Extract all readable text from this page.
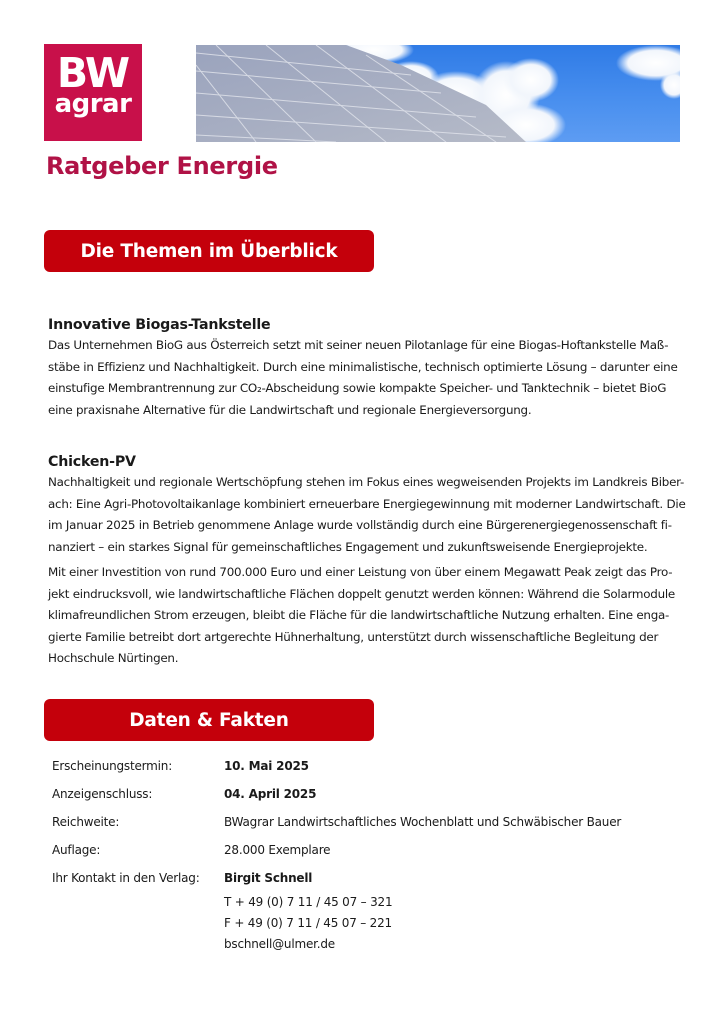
BW
agrar
Ratgeber Energie
Die Themen im Überblick
Innovative Biogas-Tankstelle

Das Unternehmen BioG aus Österreich setzt mit seiner neuen Pilotanlage für eine Biogas-Hoftankstelle Maß-
stäbe in Effizienz und Nachhaltigkeit. Durch eine minimalistische, technisch optimierte Lösung – darunter eine
einstufige Membrantrennung zur CO₂-Abscheidung sowie kompakte Speicher- und Tanktechnik – bietet BioG
eine praxisnahe Alternative für die Landwirtschaft und regionale Energieversorgung.

Chicken-PV

Nachhaltigkeit und regionale Wertschöpfung stehen im Fokus eines wegweisenden Projekts im Landkreis Biber-
ach: Eine Agri-Photovoltaikanlage kombiniert erneuerbare Energiegewinnung mit moderner Landwirtschaft. Die
im Januar 2025 in Betrieb genommene Anlage wurde vollständig durch eine Bürgerenergiegenossenschaft fi-
nanziert – ein starkes Signal für gemeinschaftliches Engagement und zukunftsweisende Energieprojekte.

Mit einer Investition von rund 700.000 Euro und einer Leistung von über einem Megawatt Peak zeigt das Pro-
jekt eindrucksvoll, wie landwirtschaftliche Flächen doppelt genutzt werden können: Während die Solarmodule
klimafreundlichen Strom erzeugen, bleibt die Fläche für die landwirtschaftliche Nutzung erhalten. Eine enga-
gierte Familie betreibt dort artgerechte Hühnerhaltung, unterstützt durch wissenschaftliche Begleitung der
Hochschule Nürtingen.

Daten & Fakten
Erscheinungstermin:	10. Mai 2025
Anzeigenschluss:	04. April 2025
Reichweite:	BWagrar Landwirtschaftliches Wochenblatt und Schwäbischer Bauer
Auflage:	28.000 Exemplare
Ihr Kontakt in den Verlag:	Birgit Schnell
T + 49 (0) 7 11 / 45 07 – 321
F + 49 (0) 7 11 / 45 07 – 221
bschnell@ulmer.de
